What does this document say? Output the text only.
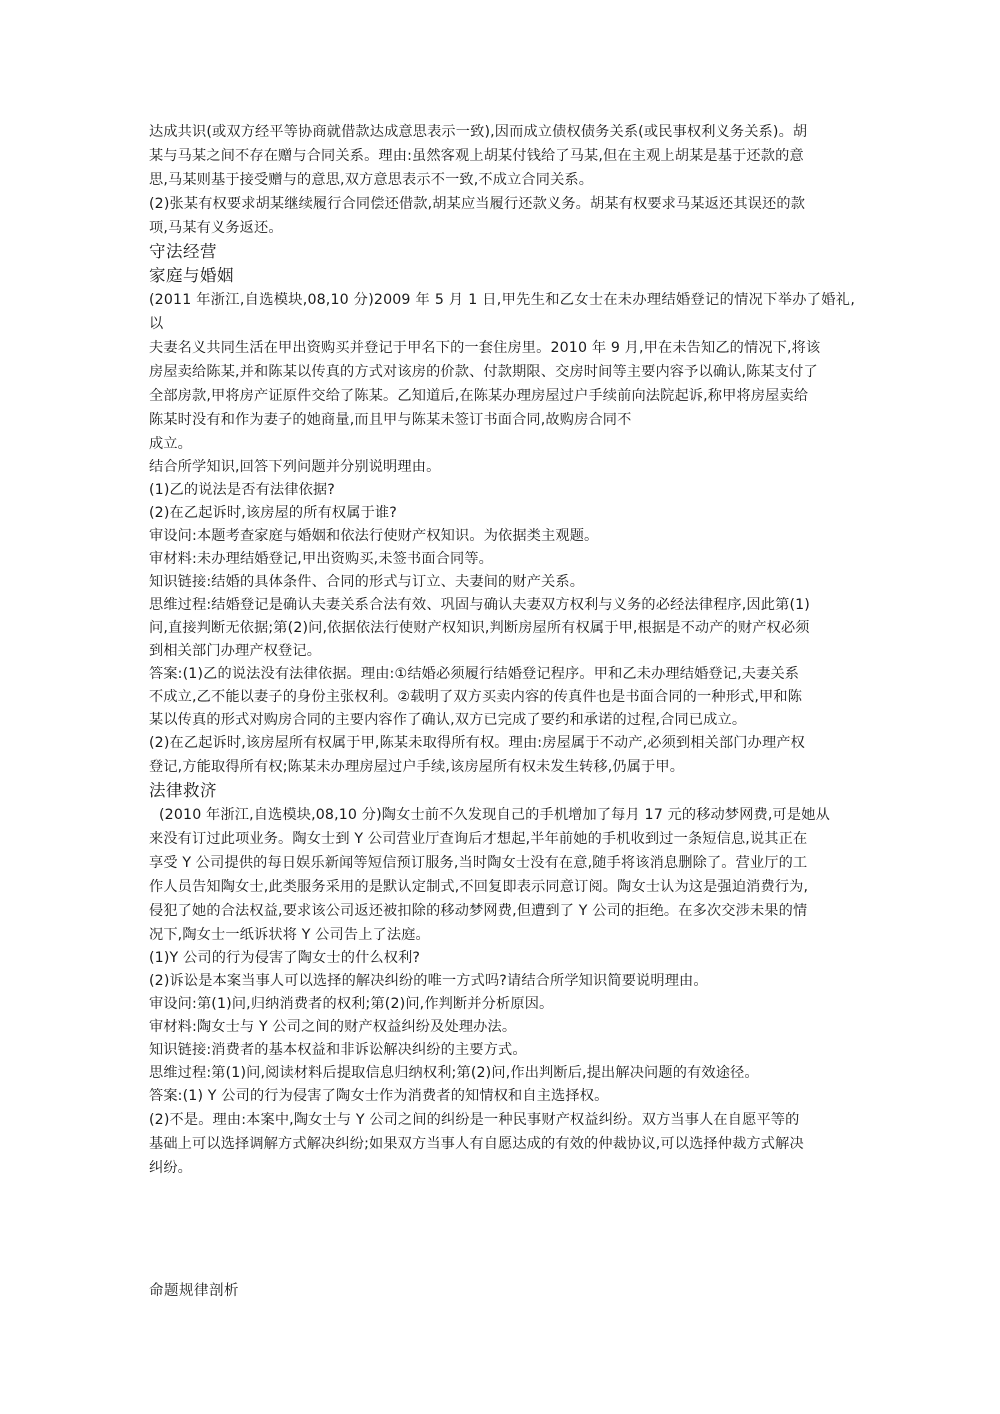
达成共识(或双方经平等协商就借款达成意思表示一致),因而成立债权债务关系(或民事权利义务关系)。胡

某与马某之间不存在赠与合同关系。理由:虽然客观上胡某付钱给了马某,但在主观上胡某是基于还款的意

思,马某则基于接受赠与的意思,双方意思表示不一致,不成立合同关系。

(2)张某有权要求胡某继续履行合同偿还借款,胡某应当履行还款义务。胡某有权要求马某返还其误还的款

项,马某有义务返还。

守法经营

家庭与婚姻

(2011 年浙江,自选模块,08,10 分)2009 年 5 月 1 日,甲先生和乙女士在未办理结婚登记的情况下举办了婚礼,以

夫妻名义共同生活在甲出资购买并登记于甲名下的一套住房里。2010 年 9 月,甲在未告知乙的情况下,将该

房屋卖给陈某,并和陈某以传真的方式对该房的价款、付款期限、交房时间等主要内容予以确认,陈某支付了

全部房款,甲将房产证原件交给了陈某。乙知道后,在陈某办理房屋过户手续前向法院起诉,称甲将房屋卖给

陈某时没有和作为妻子的她商量,而且甲与陈某未签订书面合同,故购房合同不

成立。

结合所学知识,回答下列问题并分别说明理由。

(1)乙的说法是否有法律依据?

(2)在乙起诉时,该房屋的所有权属于谁?

审设问:本题考查家庭与婚姻和依法行使财产权知识。为依据类主观题。

审材料:未办理结婚登记,甲出资购买,未签书面合同等。

知识链接:结婚的具体条件、合同的形式与订立、夫妻间的财产关系。

思维过程:结婚登记是确认夫妻关系合法有效、巩固与确认夫妻双方权利与义务的必经法律程序,因此第(1)

问,直接判断无依据;第(2)问,依据依法行使财产权知识,判断房屋所有权属于甲,根据是不动产的财产权必须

到相关部门办理产权登记。

答案:(1)乙的说法没有法律依据。理由:①结婚必须履行结婚登记程序。甲和乙未办理结婚登记,夫妻关系

不成立,乙不能以妻子的身份主张权利。②载明了双方买卖内容的传真件也是书面合同的一种形式,甲和陈

某以传真的形式对购房合同的主要内容作了确认,双方已完成了要约和承诺的过程,合同已成立。

(2)在乙起诉时,该房屋所有权属于甲,陈某未取得所有权。理由:房屋属于不动产,必须到相关部门办理产权

登记,方能取得所有权;陈某未办理房屋过户手续,该房屋所有权未发生转移,仍属于甲。

法律救济

(2010 年浙江,自选模块,08,10 分)陶女士前不久发现自己的手机增加了每月 17 元的移动梦网费,可是她从

来没有订过此项业务。陶女士到 Y 公司营业厅查询后才想起,半年前她的手机收到过一条短信息,说其正在

享受 Y 公司提供的每日娱乐新闻等短信预订服务,当时陶女士没有在意,随手将该消息删除了。营业厅的工

作人员告知陶女士,此类服务采用的是默认定制式,不回复即表示同意订阅。陶女士认为这是强迫消费行为,

侵犯了她的合法权益,要求该公司返还被扣除的移动梦网费,但遭到了 Y 公司的拒绝。在多次交涉未果的情

况下,陶女士一纸诉状将 Y 公司告上了法庭。

(1)Y 公司的行为侵害了陶女士的什么权利?

(2)诉讼是本案当事人可以选择的解决纠纷的唯一方式吗?请结合所学知识简要说明理由。

审设问:第(1)问,归纳消费者的权利;第(2)问,作判断并分析原因。

审材料:陶女士与 Y 公司之间的财产权益纠纷及处理办法。

知识链接:消费者的基本权益和非诉讼解决纠纷的主要方式。

思维过程:第(1)问,阅读材料后提取信息归纳权利;第(2)问,作出判断后,提出解决问题的有效途径。

答案:(1) Y 公司的行为侵害了陶女士作为消费者的知情权和自主选择权。

(2)不是。理由:本案中,陶女士与 Y 公司之间的纠纷是一种民事财产权益纠纷。双方当事人在自愿平等的

基础上可以选择调解方式解决纠纷;如果双方当事人有自愿达成的有效的仲裁协议,可以选择仲裁方式解决

纠纷。

命题规律剖析
